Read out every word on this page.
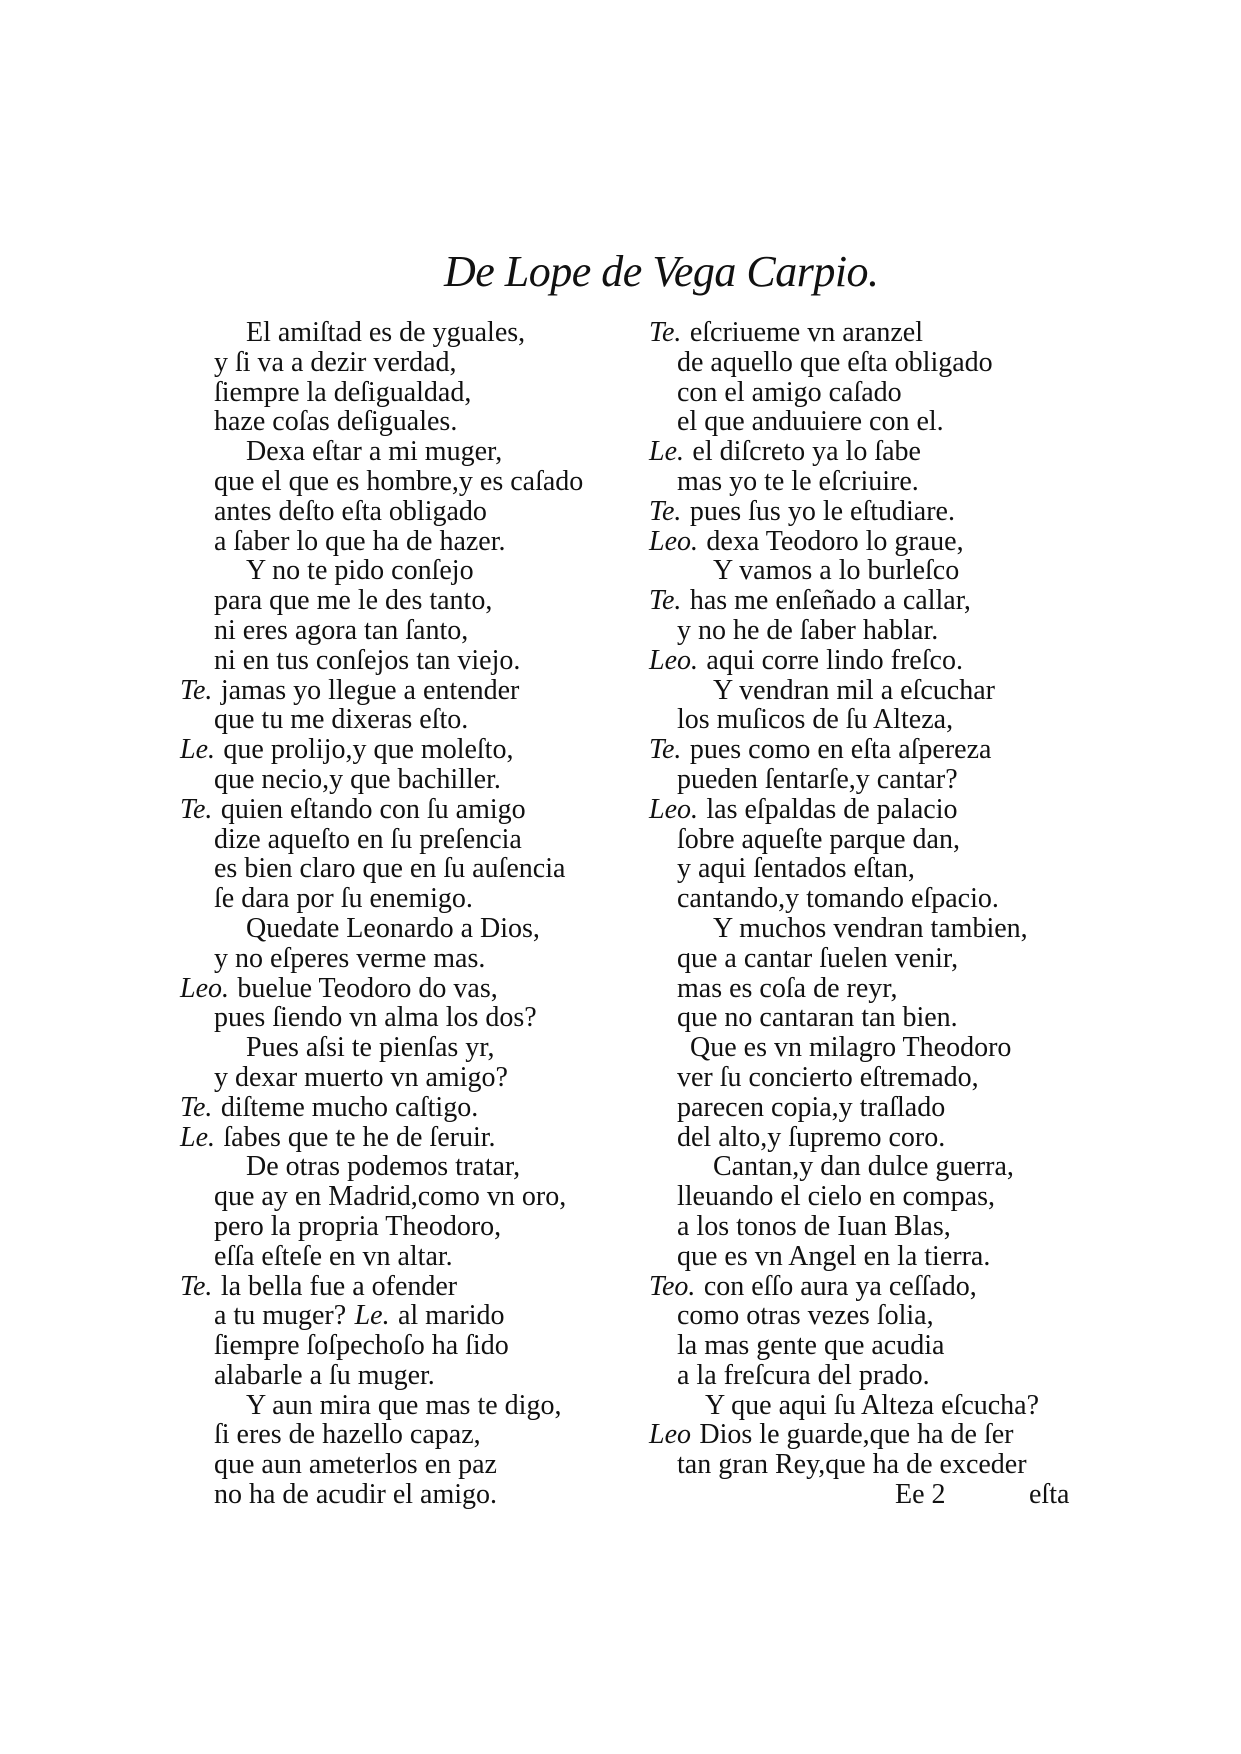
De Lope de Vega Carpio.
El amiſtad es de yguales,
y ſi va a dezir verdad,
ſiempre la deſigualdad,
haze coſas deſiguales.
Dexa eſtar a mi muger,
que el que es hombre,y es caſado
antes deſto eſta obligado
a ſaber lo que ha de hazer.
Y no te pido conſejo
para que me le des tanto,
ni eres agora tan ſanto,
ni en tus conſejos tan viejo.
Te. jamas yo llegue a entender
que tu me dixeras eſto.
Le. que prolijo,y que moleſto,
que necio,y que bachiller.
Te. quien eſtando con ſu amigo
dize aqueſto en ſu preſencia
es bien claro que en ſu auſencia
ſe dara por ſu enemigo.
Quedate Leonardo a Dios,
y no eſperes verme mas.
Leo. buelue Teodoro do vas,
pues ſiendo vn alma los dos?
Pues aſsi te pienſas yr,
y dexar muerto vn amigo?
Te. diſteme mucho caſtigo.
Le. ſabes que te he de ſeruir.
De otras podemos tratar,
que ay en Madrid,como vn oro,
pero la propria Theodoro,
eſſa eſteſe en vn altar.
Te. la bella fue a ofender
a tu muger? Le. al marido
ſiempre ſoſpechoſo ha ſido
alabarle a ſu muger.
Y aun mira que mas te digo,
ſi eres de hazello capaz,
que aun ameterlos en paz
no ha de acudir el amigo.
Te. eſcriueme vn aranzel
de aquello que eſta obligado
con el amigo caſado
el que anduuiere con el.
Le. el diſcreto ya lo ſabe
mas yo te le eſcriuire.
Te. pues ſus yo le eſtudiare.
Leo. dexa Teodoro lo graue,
Y vamos a lo burleſco
Te. has me enſeñado a callar,
y no he de ſaber hablar.
Leo. aqui corre lindo freſco.
Y vendran mil a eſcuchar
los muſicos de ſu Alteza,
Te. pues como en eſta aſpereza
pueden ſentarſe,y cantar?
Leo. las eſpaldas de palacio
ſobre aqueſte parque dan,
y aqui ſentados eſtan,
cantando,y tomando eſpacio.
Y muchos vendran tambien,
que a cantar ſuelen venir,
mas es coſa de reyr,
que no cantaran tan bien.
Que es vn milagro Theodoro
ver ſu concierto eſtremado,
parecen copia,y traſlado
del alto,y ſupremo coro.
Cantan,y dan dulce guerra,
lleuando el cielo en compas,
a los tonos de Iuan Blas,
que es vn Angel en la tierra.
Teo. con eſſo aura ya ceſſado,
como otras vezes ſolia,
la mas gente que acudia
a la freſcura del prado.
Y que aqui ſu Alteza eſcucha?
Leo Dios le guarde,que ha de ſer
tan gran Rey,que ha de exceder
Ee 2	eſta
